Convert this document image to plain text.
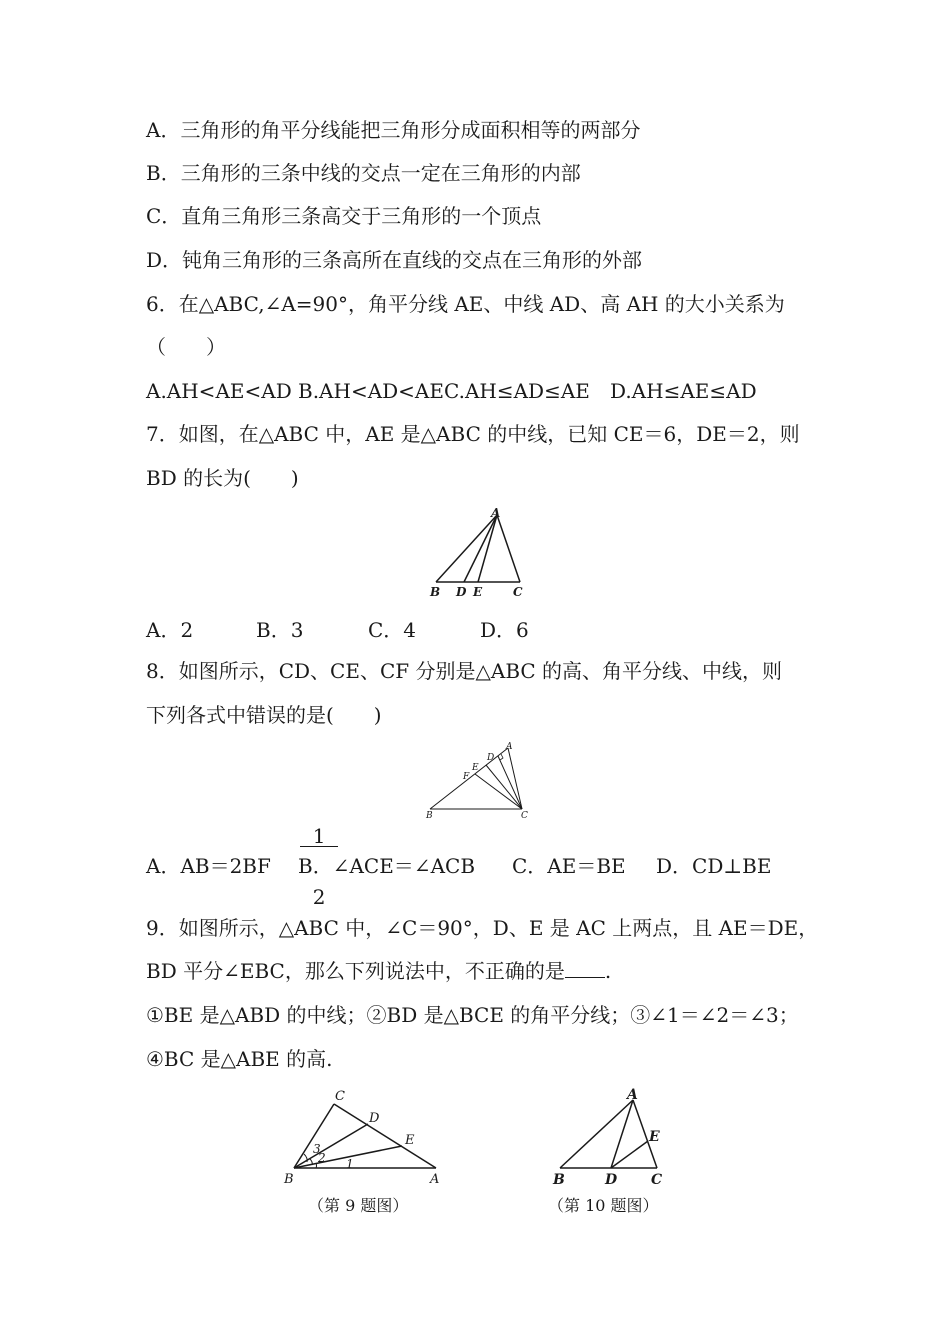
A．三角形的角平分线能把三角形分成面积相等的两部分
B．三角形的三条中线的交点一定在三角形的内部
C．直角三角形三条高交于三角形的一个顶点
D．钝角三角形的三条高所在直线的交点在三角形的外部
6．在△ABC,∠A=90°，角平分线 AE、中线 AD、高 AH 的大小关系为
（　　）
A.AH<AE<AD B.AH<AD<AE C.AH≤AD≤AE D.AH≤AE≤AD
7．如图，在△ABC 中，AE 是△ABC 的中线，已知 CE＝6，DE＝2，则
BD 的长为(　　)
A
B D E	C
A．2	B．3	C．4	D．6
8．如图所示，CD、CE、CF 分别是△ABC 的高、角平分线、中线，则
下列各式中错误的是(　　)
A
D
E
F
B	C
A．AB＝2BF B．∠ACE＝

$\frac{1}{2}$

	∠ACB C．AE＝BE D．CD⊥BE
9．如图所示，△ABC 中，∠C＝90°，D、E 是 AC 上两点，且 AE＝DE，
BD 平分∠EBC，那么下列说法中，不正确的是 .
①BE 是△ABD 的中线；②BD 是△BCE 的角平分线；③∠1＝∠2＝∠3；
④BC 是△ABE 的高.
C
D
E
B	A
3
2 1
（第 9 题图）
A
E
B	D C
（第 10 题图）
